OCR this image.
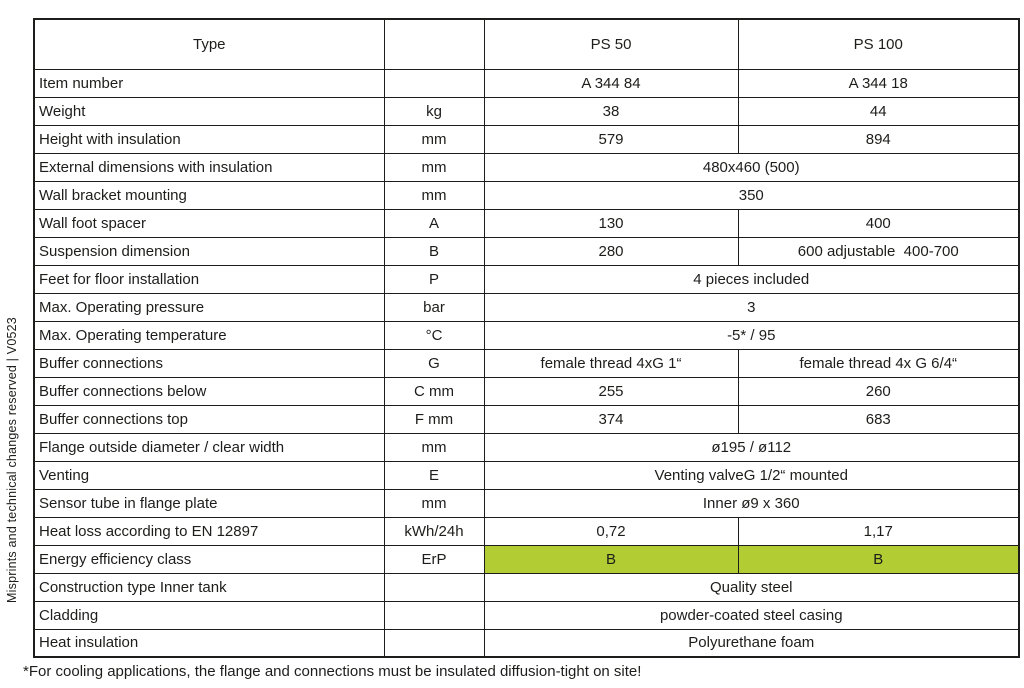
Misprints and technical changes reserved | V0523
Type		PS 50	PS 100
Item number		A 344 84	A 344 18
Weight	kg	38	44
Height with insulation	mm	579	894
External dimensions with insulation	mm	480x460 (500)	
Wall bracket mounting	mm	350	
Wall foot spacer	A	130	400
Suspension dimension	B	280	600 adjustable  400-700
Feet for floor installation	P	4 pieces included	
Max. Operating pressure	bar	3	
Max. Operating temperature	°C	-5* / 95	
Buffer connections	G	female thread 4xG 1“	female thread 4x G 6/4“
Buffer connections below	C mm	255	260
Buffer connections top	F mm	374	683
Flange outside diameter / clear width	mm	ø195 / ø112	
Venting	E	Venting valveG 1/2“ mounted	
Sensor tube in flange plate	mm	Inner ø9 x 360	
Heat loss according to EN 12897	kWh/24h	0,72	1,17
Energy efficiency class	ErP	B	B
Construction type Inner tank		Quality steel	
Cladding		powder-coated steel casing	
Heat insulation		Polyurethane foam	
*For cooling applications, the flange and connections must be insulated diffusion-tight on site!
